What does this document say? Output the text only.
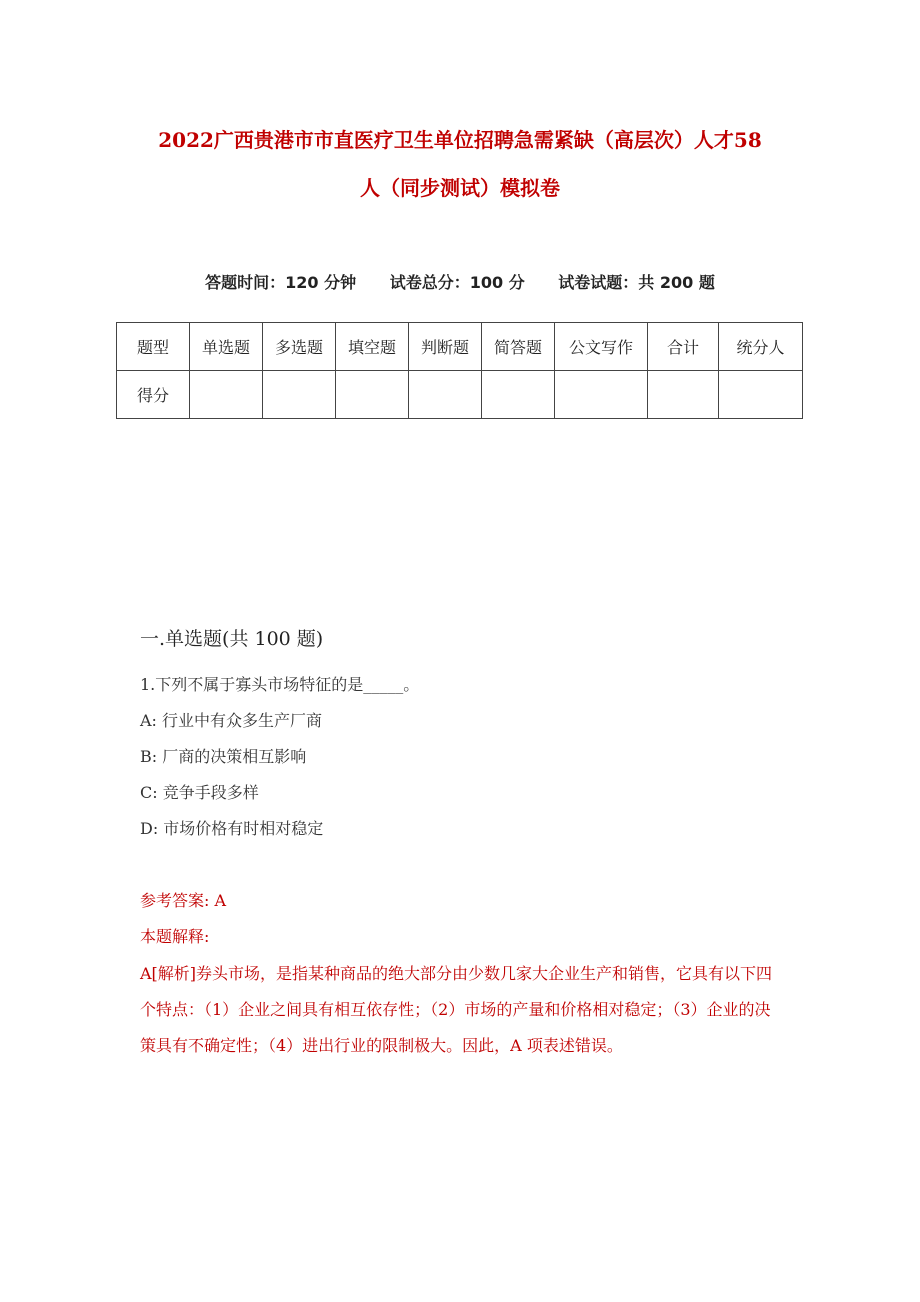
2022广西贵港市市直医疗卫生单位招聘急需紧缺（高层次）人才58
人（同步测试）模拟卷
答题时间：120 分钟 试卷总分：100 分 试卷试题：共 200 题
题型	单选题	多选题	填空题	判断题	简答题	公文写作	合计	统分人
得分								
一.单选题(共 100 题)
1.下列不属于寡头市场特征的是_____。
A: 行业中有众多生产厂商
B: 厂商的决策相互影响
C: 竞争手段多样
D: 市场价格有时相对稳定
参考答案: A
本题解释:
A[解析]券头市场，是指某种商品的绝大部分由少数几家大企业生产和销售，它具有以下四个特点：（1）企业之间具有相互依存性；（2）市场的产量和价格相对稳定；（3）企业的决策具有不确定性；（4）进出行业的限制极大。因此，A 项表述错误。
